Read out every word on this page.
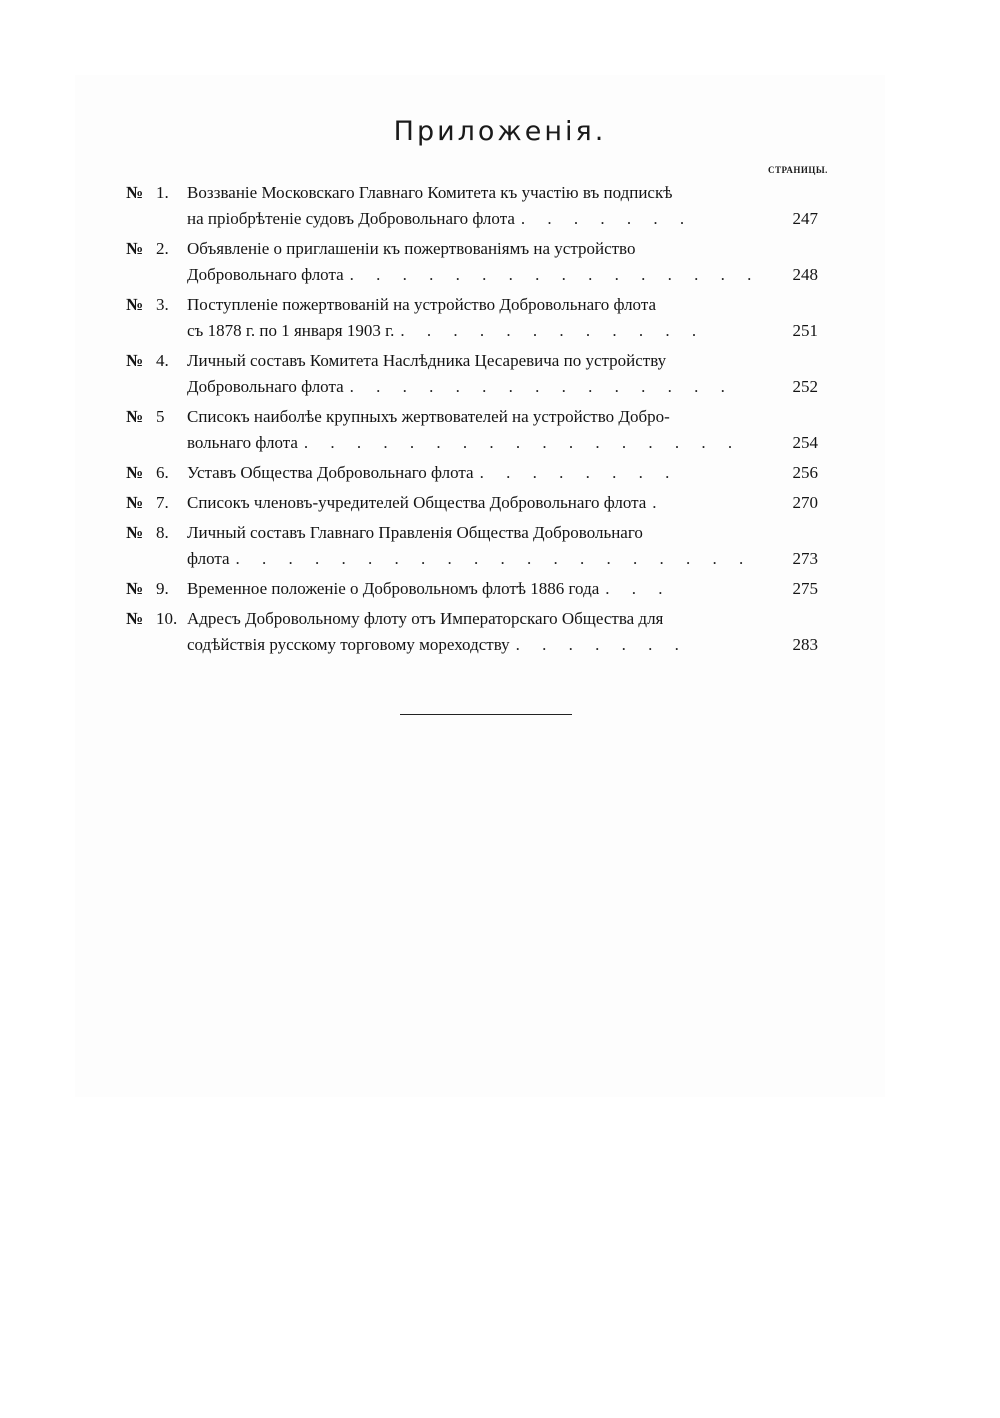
Приложенія.
СТРАНИЦЫ.
№ 1.	Воззваніе Московскаго Главнаго Комитета къ участію въ подпискѣ
на пріобрѣтеніе судовъ Добровольнаго флота . . . . . . .	247
№ 2.	Объявленіе о приглашеніи къ пожертвованіямъ на устройство
Добровольнаго флота . . . . . . . . . . . . . . . .	248
№ 3.	Поступленіе пожертвованій на устройство Добровольнаго флота
съ 1878 г. по 1 января 1903 г. . . . . . . . . . . . .	251
№ 4.	Личный составъ Комитета Наслѣдника Цесаревича по устройству
Добровольнаго флота . . . . . . . . . . . . . . .	252
№ 5	Списокъ наиболѣе крупныхъ жертвователей на устройство Добро-
вольнаго флота . . . . . . . . . . . . . . . . .	254
№ 6.	Уставъ Общества Добровольнаго флота . . . . . . . .	256
№ 7.	Списокъ членовъ-учредителей Общества Добровольнаго флота .	270
№ 8.	Личный составъ Главнаго Правленія Общества Добровольнаго
флота . . . . . . . . . . . . . . . . . . . .	273
№ 9.	Временное положеніе о Добровольномъ флотѣ 1886 года . . .	275
№ 10. Адресъ Добровольному флоту отъ Императорскаго Общества для
содѣйствія русскому торговому мореходству . . . . . . .	283
